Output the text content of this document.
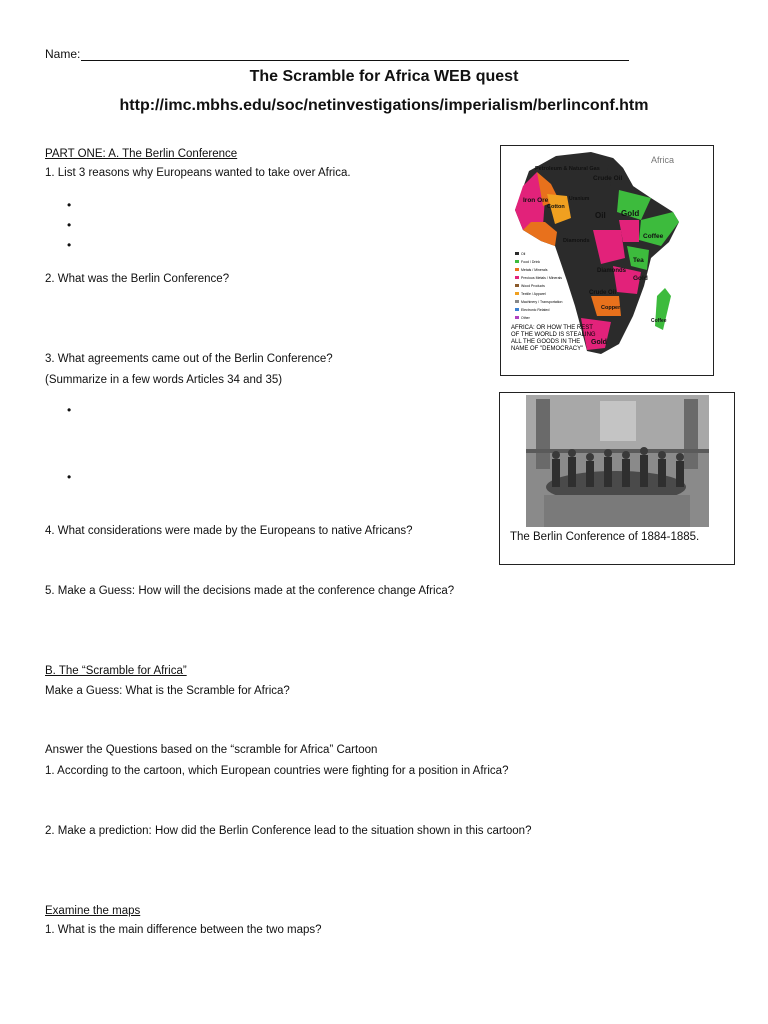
Name:
The Scramble for Africa WEB quest
http://imc.mbhs.edu/soc/netinvestigations/imperialism/berlinconf.htm
PART ONE: A. The Berlin Conference
1. List 3 reasons why Europeans wanted to take over Africa.
•
•
•
2. What was the Berlin Conference?
3. What agreements came out of the Berlin Conference?
(Summarize in a few words Articles 34 and 35)
•
•
4. What considerations were made by the Europeans to native Africans?
5. Make a Guess: How will the decisions made at the conference change Africa?
B. The “Scramble for Africa”
Make a Guess: What is the Scramble for Africa?
Answer the Questions based on the “scramble for Africa” Cartoon
1. According to the cartoon, which European countries were fighting for a position in Africa?
2. Make a prediction: How did the Berlin Conference lead to the situation shown in this cartoon?
Examine the maps
1. What is the main difference between the two maps?
Africa
Petroleum & Natural Gas
Crude Oil
Iron Ore
Cotton
Uranium
Oil Gold
Coffee
Diamonds
Gold
Tea
Crude Oil
Copper
Diamonds
Gold
Coffee
Oil
Food / Drink
Metals / Minerals
Precious Metals / Minerals
Wood Products
Textile / Apparel
Machinery / Transportation
Electronic Related
Other
AFRICA: OR HOW THE REST
OF THE WORLD IS STEALING
ALL THE GOODS IN THE
NAME OF "DEMOCRACY"
The Berlin Conference of 1884-1885.
